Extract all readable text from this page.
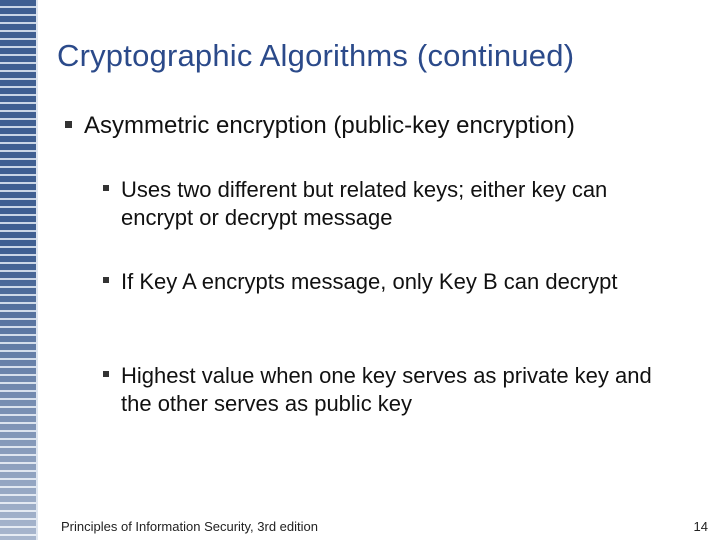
Cryptographic Algorithms (continued)
Asymmetric encryption (public-key encryption)
Uses two different but related keys; either key can encrypt or decrypt message
If Key A encrypts message, only Key B can decrypt
Highest value when one key serves as private key and the other serves as public key
Principles of Information Security, 3rd edition	14
